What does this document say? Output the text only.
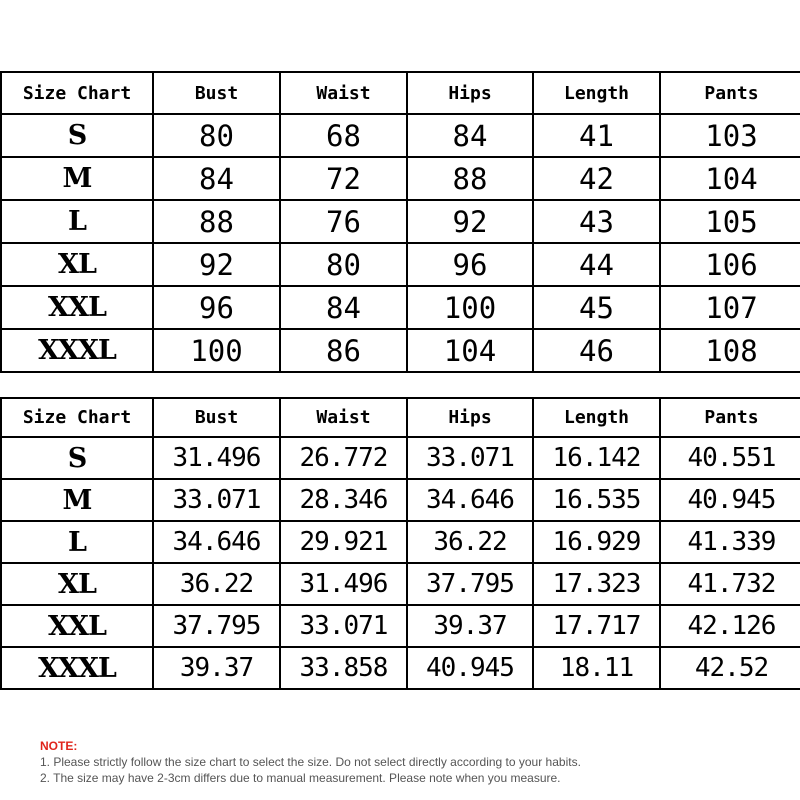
Size Chart	Bust	Waist	Hips	Length	Pants
S	80	68	84	41	103
M	84	72	88	42	104
L	88	76	92	43	105
XL	92	80	96	44	106
XXL	96	84	100	45	107
XXXL	100	86	104	46	108
Size Chart	Bust	Waist	Hips	Length	Pants
S	31.496	26.772	33.071	16.142	40.551
M	33.071	28.346	34.646	16.535	40.945
L	34.646	29.921	36.22	16.929	41.339
XL	36.22	31.496	37.795	17.323	41.732
XXL	37.795	33.071	39.37	17.717	42.126
XXXL	39.37	33.858	40.945	18.11	42.52
NOTE:
1. Please strictly follow the size chart to select the size. Do not select directly according to your habits.
2. The size may have 2-3cm differs due to manual measurement. Please note when you measure.
